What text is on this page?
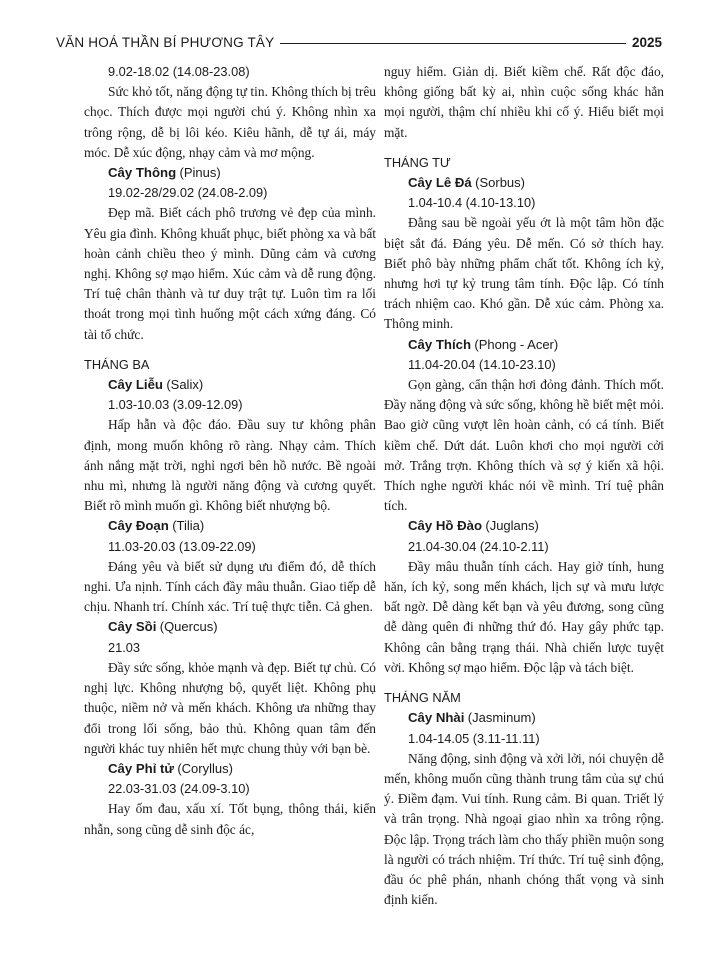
VĂN HOÁ THẦN BÍ PHƯƠNG TÂY	2025

9.02-18.02 (14.08-23.08)

Sức khỏ tốt, năng động tự tin. Không thích bị trêu chọc. Thích được mọi người chú ý. Không nhìn xa trông rộng, dễ bị lôi kéo. Kiêu hãnh, dễ tự ái, máy móc. Dễ xúc động, nhạy cảm và mơ mộng.

Cây Thông (Pinus)

19.02-28/29.02 (24.08-2.09)

Đẹp mã. Biết cách phô trương vẻ đẹp của mình. Yêu gia đình. Không khuất phục, biết phòng xa và bất hoàn cảnh chiều theo ý mình. Dũng cảm và cương nghị. Không sợ mạo hiểm. Xúc cảm và dễ rung động. Trí tuệ chân thành và tư duy trật tự. Luôn tìm ra lối thoát trong mọi tình huống một cách xứng đáng. Có tài tổ chức.

THÁNG BA

Cây Liễu (Salix)

1.03-10.03 (3.09-12.09)

Hấp hẫn và độc đáo. Đầu suy tư không phân định, mong muốn không rõ ràng. Nhạy cảm. Thích ánh nắng mặt trời, nghỉ ngơi bên hồ nước. Bề ngoài nhu mì, nhưng là người năng động và cương quyết. Biết rõ mình muốn gì. Không biết nhượng bộ.

Cây Đoạn (Tilia)

11.03-20.03 (13.09-22.09)

Đáng yêu và biết sử dụng ưu điểm đó, dễ thích nghi. Ưa nịnh. Tính cách đầy mâu thuẫn. Giao tiếp dễ chịu. Nhanh trí. Chính xác. Trí tuệ thực tiễn. Cả ghen.

Cây Sồi (Quercus)

21.03

Đầy sức sống, khỏe mạnh và đẹp. Biết tự chủ. Có nghị lực. Không nhượng bộ, quyết liệt. Không phụ thuộc, niềm nở và mến khách. Không ưa những thay đổi trong lối sống, bảo thủ. Không quan tâm đến người khác tuy nhiên hết mực chung thủy với bạn bè.

Cây Phỉ tử (Coryllus)

22.03-31.03 (24.09-3.10)

Hay ốm đau, xấu xí. Tốt bụng, thông thái, kiển nhẫn, song cũng dễ sinh độc ác,

nguy hiểm. Giản dị. Biết kiềm chế. Rất độc đáo, không giống bất kỳ ai, nhìn cuộc sống khác hẳn mọi người, thậm chí nhiều khi cố ý. Hiểu biết mọi mặt.

THÁNG TƯ

Cây Lê Đá (Sorbus)

1.04-10.4 (4.10-13.10)

Đằng sau bề ngoài yếu ớt là một tâm hồn đặc biệt sắt đá. Đáng yêu. Dễ mến. Có sở thích hay. Biết phô bày những phẩm chất tốt. Không ích kỷ, nhưng hơi tự kỷ trung tâm tính. Độc lập. Có tính trách nhiệm cao. Khó gần. Dễ xúc cảm. Phòng xa. Thông minh.

Cây Thích (Phong - Acer)

11.04-20.04 (14.10-23.10)

Gọn gàng, cẩn thận hơi đỏng đảnh. Thích mốt. Đầy năng động và sức sống, không hề biết mệt mỏi. Bao giờ cũng vượt lên hoàn cảnh, có cá tính. Biết kiềm chế. Dứt dát. Luôn khơi cho mọi người cởi mở. Trắng trợn. Không thích và sợ ý kiến xã hội. Thích nghe người khác nói về mình. Trí tuệ phân tích.

Cây Hồ Đào (Juglans)

21.04-30.04 (24.10-2.11)

Đầy mâu thuẫn tính cách. Hay giở tính, hung hăn, ích kỷ, song mến khách, lịch sự và mưu lược bất ngờ. Dễ dàng kết bạn và yêu đương, song cũng dễ dàng quên đi những thứ đó. Hay gây phức tạp. Không cân bằng trạng thái. Nhà chiến lược tuyệt vời. Không sợ mạo hiểm. Độc lập và tách biệt.

THÁNG NĂM

Cây Nhài (Jasminum)

1.04-14.05 (3.11-11.11)

Năng động, sinh động và xởi lởi, nói chuyện dễ mến, không muốn cũng thành trung tâm của sự chú ý. Điềm đạm. Vui tính. Rung cảm. Bi quan. Triết lý và trân trọng. Nhà ngoại giao nhìn xa trông rộng. Độc lập. Trọng trách làm cho thấy phiền muộn song là người có trách nhiệm. Trí thức. Trí tuệ sinh động, đầu óc phê phán, nhanh chóng thất vọng và sinh định kiến.
